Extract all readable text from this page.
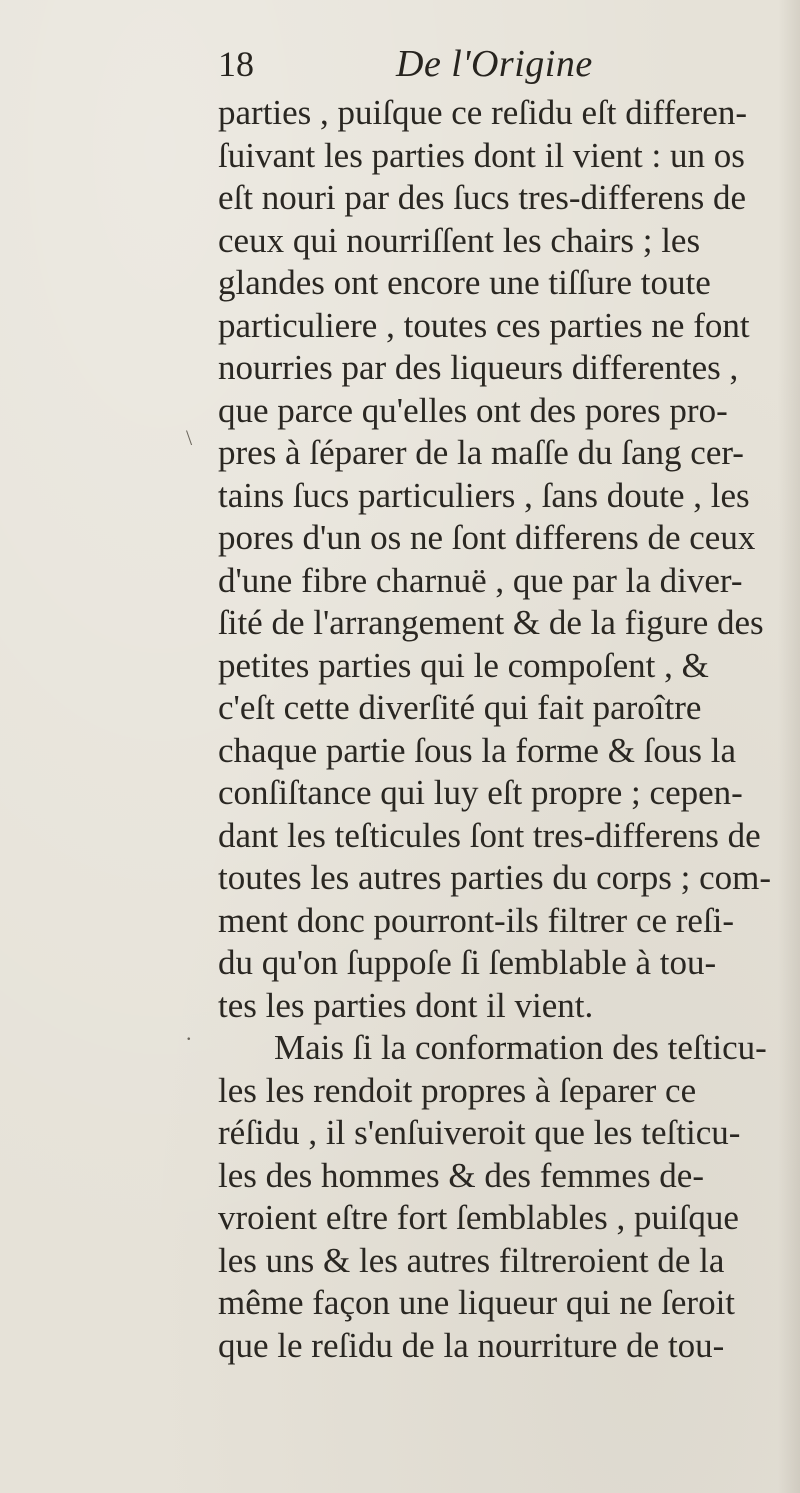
18	De l'Origine
parties , puiſque ce reſidu eſt differen‐
ſuivant les parties dont il vient : un os
eſt nouri par des ſucs tres-differens de
ceux qui nourriſſent les chairs ; les
glandes ont encore une tiſſure toute
particuliere , toutes ces parties ne font
nourries par des liqueurs differentes ,
que parce qu'elles ont des pores pro-
pres à ſéparer de la maſſe du ſang cer-
tains ſucs particuliers , ſans doute , les
pores d'un os ne ſont differens de ceux
d'une fibre charnuë , que par la diver-
ſité de l'arrangement & de la figure des
petites parties qui le compoſent , &
c'eſt cette diverſité qui fait paroître
chaque partie ſous la forme & ſous la
conſiſtance qui luy eſt propre ; cepen-
dant les teſticules ſont tres-differens de
toutes les autres parties du corps ; com-
ment donc pourront-ils filtrer ce reſi-
du qu'on ſuppoſe ſi ſemblable à tou-
tes les parties dont il vient.
Mais ſi la conformation des teſticu-
les les rendoit propres à ſeparer ce
réſidu , il s'enſuiveroit que les teſticu-
les des hommes & des femmes de-
vroient eſtre fort ſemblables , puiſque
les uns & les autres filtreroient de la
même façon une liqueur qui ne ſeroit
que le reſidu de la nourriture de tou-
\
.
